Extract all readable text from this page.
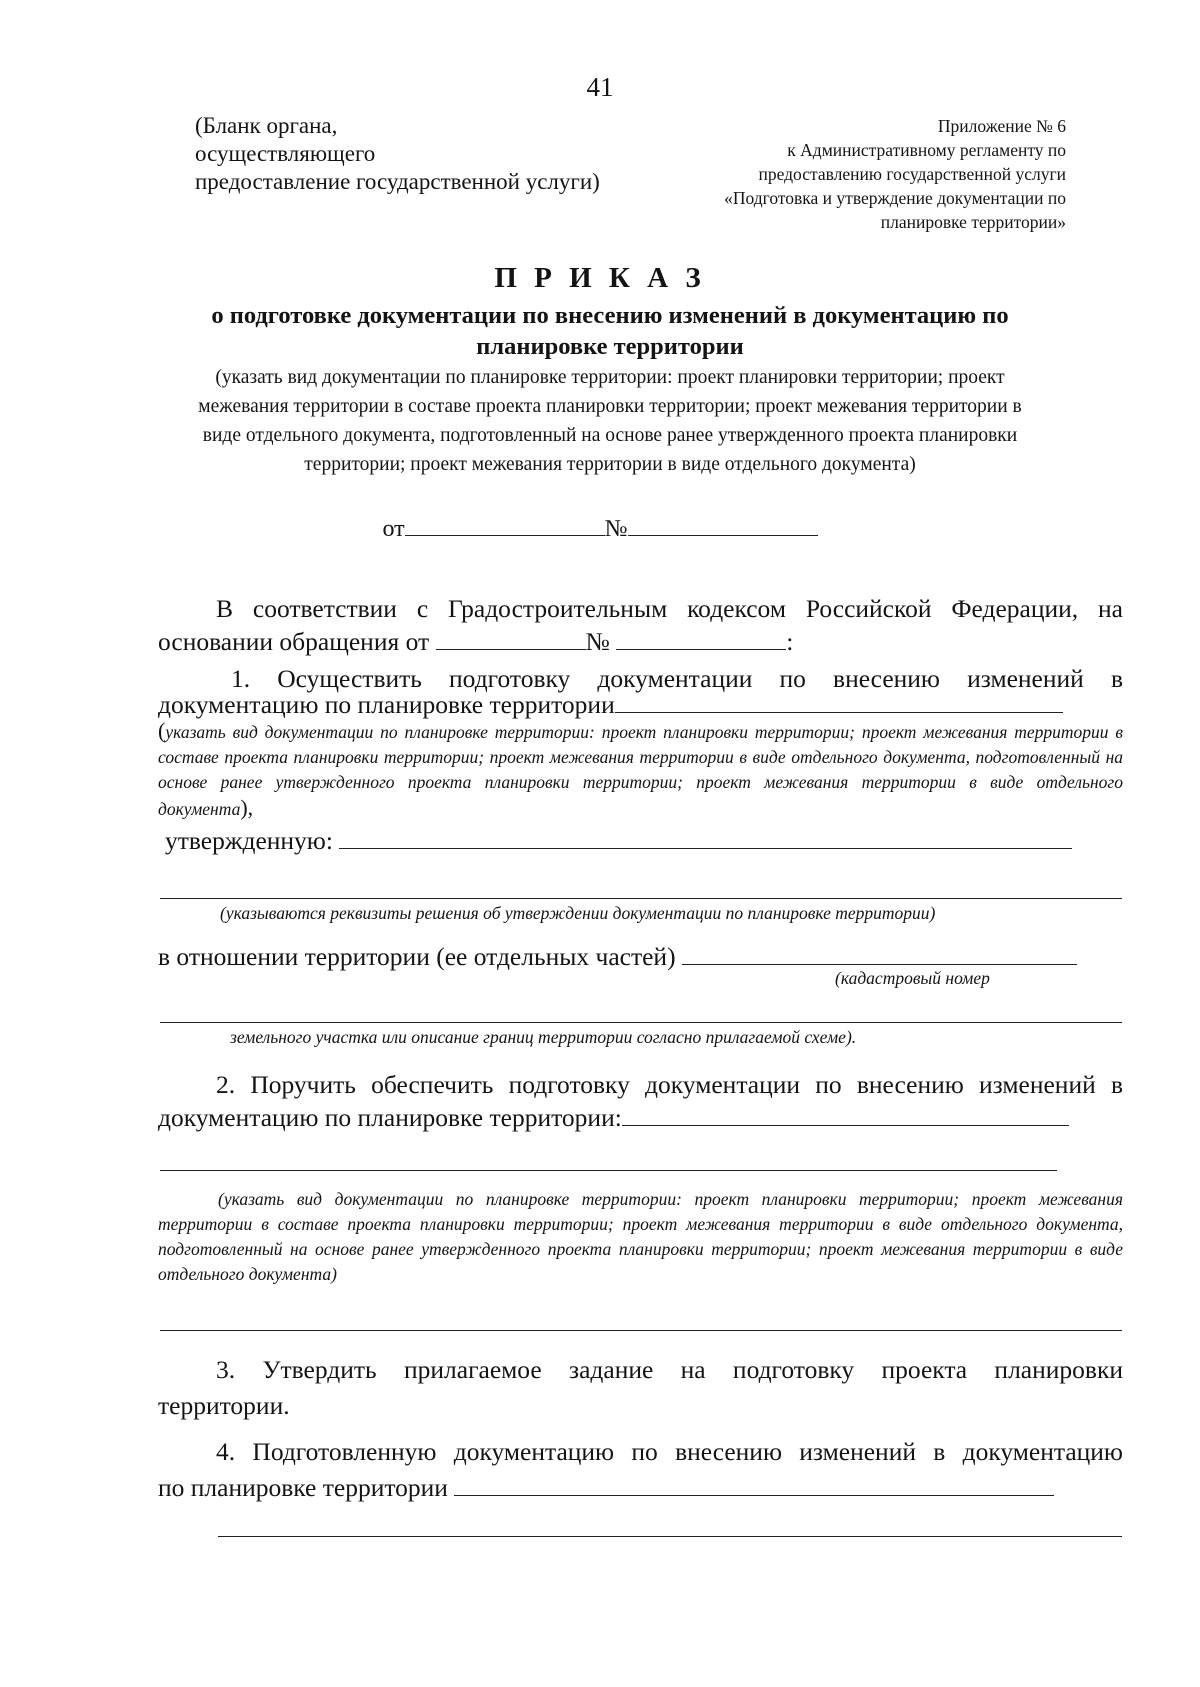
41
(Бланк органа,
осуществляющего
предоставление государственной услуги)
Приложение № 6
к Административному регламенту по
предоставлению государственной услуги
«Подготовка и утверждение документации по
планировке территории»
П Р И К А З
о подготовке документации по внесению изменений в документацию по
планировке территории
(указать вид документации по планировке территории: проект планировки территории; проект
межевания территории в составе проекта планировки территории; проект межевания территории в
виде отдельного документа, подготовленный на основе ранее утвержденного проекта планировки
территории; проект межевания территории в виде отдельного документа)
от	№
В соответствии с Градостроительным кодексом Российской Федерации, на
основании обращения от	№	:
1. Осуществить подготовку документации по внесению изменений в
документацию по планировке территории
(указать вид документации по планировке территории: проект планировки территории; проект межевания территории в составе проекта планировки территории; проект межевания территории в виде отдельного документа, подготовленный на основе ранее утвержденного проекта планировки территории; проект межевания территории в виде отдельного документа),
утвержденную:
(указываются реквизиты решения об утверждении документации по планировке территории)
в отношении территории (ее отдельных частей)
(кадастровый номер
земельного участка или описание границ территории согласно прилагаемой схеме).
2. Поручить обеспечить подготовку документации по внесению изменений в
документацию по планировке территории:
(указать вид документации по планировке территории: проект планировки территории; проект межевания территории в составе проекта планировки территории; проект межевания территории в виде отдельного документа, подготовленный на основе ранее утвержденного проекта планировки территории; проект межевания территории в виде отдельного документа)
3. Утвердить прилагаемое задание на подготовку проекта планировки
территории.
4. Подготовленную документацию по внесению изменений в документацию
по планировке территории
